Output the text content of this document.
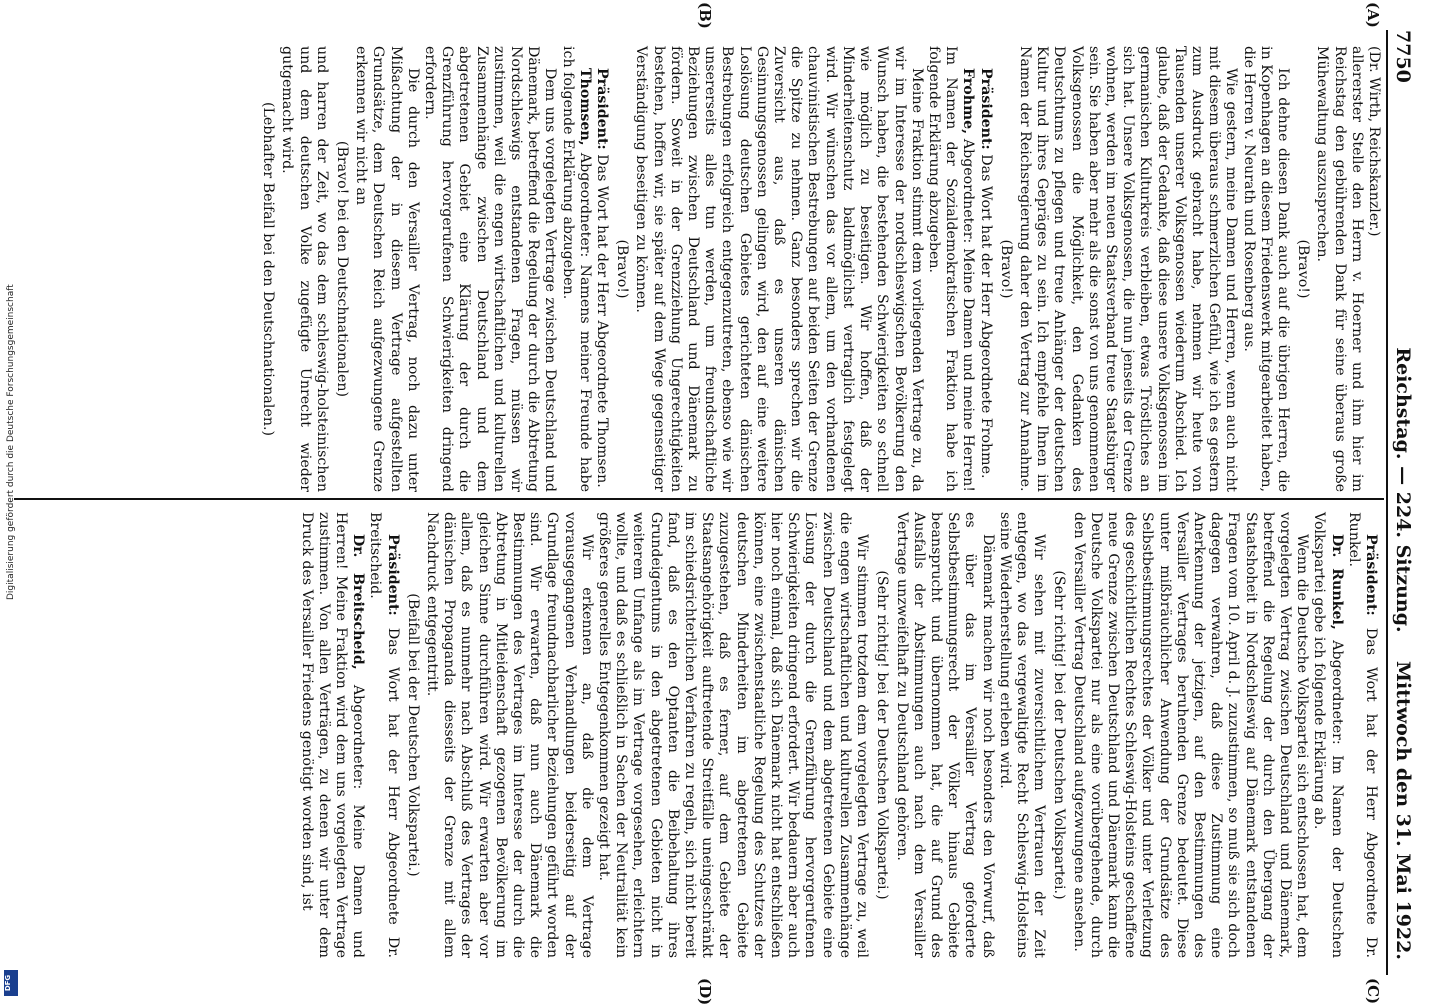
7750
Reichstag. — 224. Sitzung.
Mittwoch den 31. Mai 1922.
(A)
(B)
(C)
(D)

(Dr. Wirth, Reichskanzler.)

allererster Stelle den Herrn v. Hoerner und ihm hier im Reichstag den gebührenden Dank für seine überaus große Mühewaltung auszusprechen.

(Bravo!)

Ich dehne diesen Dank auch auf die übrigen Herren, die in Kopenhagen an diesem Friedenswerk mitgearbeitet haben, die Herren v. Neurath und Rosenberg aus.

Wie gestern, meine Damen und Herren, wenn auch nicht mit diesem überaus schmerzlichen Gefühl, wie ich es gestern zum Ausdruck gebracht habe, nehmen wir heute von Tausenden unserer Volksgenossen wiederum Abschied. Ich glaube, daß der Gedanke, daß diese unsere Volksgenossen im germanischen Kulturkreis verbleiben, etwas Tröstliches an sich hat. Unsere Volksgenossen, die nun jenseits der Grenze wohnen, werden im neuen Staatsverband treue Staatsbürger sein. Sie haben aber mehr als die sonst von uns genommenen Volksgenossen die Möglichkeit, den Gedanken des Deutschtums zu pflegen und treue Anhänger der deutschen Kultur und ihres Gepräges zu sein. Ich empfehle Ihnen im Namen der Reichsregierung daher den Vertrag zur Annahme.

(Bravo!)

Präsident: Das Wort hat der Herr Abgeordnete Frohme.

Frohme, Abgeordneter: Meine Damen und meine Herren! Im Namen der Sozialdemokratischen Fraktion habe ich folgende Erklärung abzugeben.

Meine Fraktion stimmt dem vorliegenden Vertrage zu, da wir im Interesse der nordschleswigschen Bevölkerung den Wunsch haben, die bestehenden Schwierigkeiten so schnell wie möglich zu beseitigen. Wir hoffen, daß der Minderheitenschutz baldmöglichst vertraglich festgelegt wird. Wir wünschen das vor allem, um den vorhandenen chauvinistischen Bestrebungen auf beiden Seiten der Grenze die Spitze zu nehmen. Ganz besonders sprechen wir die Zuversicht aus, daß es unseren dänischen Gesinnungsgenossen gelingen wird, den auf eine weitere Loslösung deutschen Gebietes gerichteten dänischen Bestrebungen erfolgreich entgegenzutreten, ebenso wie wir unsererseits alles tun werden, um freundschaftliche Beziehungen zwischen Deutschland und Dänemark zu fördern. Soweit in der Grenzziehung Ungerechtigkeiten bestehen, hoffen wir, sie später auf dem Wege gegenseitiger Verständigung beseitigen zu können.

(Bravo!)

Präsident: Das Wort hat der Herr Abgeordnete Thomsen.

Thomsen, Abgeordneter: Namens meiner Freunde habe ich folgende Erklärung abzugeben.

Dem uns vorgelegten Vertrage zwischen Deutschland und Dänemark, betreffend die Regelung der durch die Abtretung Nordschleswigs entstandenen Fragen, müssen wir zustimmen, weil die engen wirtschaftlichen und kulturellen Zusammenhänge zwischen Deutschland und dem abgetretenen Gebiet eine Klärung der durch die Grenzführung hervorgerufenen Schwierigkeiten dringend erfordern.

Die durch den Versailler Vertrag, noch dazu unter Mißachtung der in diesem Vertrage aufgestellten Grundsätze, dem Deutschen Reich aufgezwungene Grenze erkennen wir nicht an

(Bravo! bei den Deutschnationalen)

und harren der Zeit, wo das dem schleswig-holsteinischen und dem deutschen Volke zugefügte Unrecht wieder gutgemacht wird.

(Lebhafter Beifall bei den Deutschnationalen.)

Präsident: Das Wort hat der Herr Abgeordnete Dr. Runkel.

Dr. Runkel, Abgeordneter: Im Namen der Deutschen Volkspartei gebe ich folgende Erklärung ab.

Wenn die Deutsche Volkspartei sich entschlossen hat, dem vorgelegten Vertrag zwischen Deutschland und Dänemark, betreffend die Regelung der durch den Übergang der Staatshoheit in Nordschleswig auf Dänemark entstandenen Fragen vom 10. April d. J. zuzustimmen, so muß sie sich doch dagegen verwahren, daß diese Zustimmung eine Anerkennung der jetzigen, auf den Bestimmungen des Versailler Vertrages beruhenden Grenze bedeutet. Diese unter mißbräuchlicher Anwendung der Grundsätze des Selbstbestimmungsrechtes der Völker und unter Verletzung des geschichtlichen Rechtes Schleswig-Holsteins geschaffene neue Grenze zwischen Deutschland und Dänemark kann die Deutsche Volkspartei nur als eine vorübergehende, durch den Versailler Vertrag Deutschland aufgezwungene ansehen.

(Sehr richtig! bei der Deutschen Volkspartei.)

Wir sehen mit zuversichtlichem Vertrauen der Zeit entgegen, wo das vergewaltigte Recht Schleswig-Holsteins seine Wiederherstellung erleben wird.

Dänemark machen wir noch besonders den Vorwurf, daß es über das im Versailler Vertrag geforderte Selbstbestimmungsrecht der Völker hinaus Gebiete beansprucht und übernommen hat, die auf Grund des Ausfalls der Abstimmungen auch nach dem Versailler Vertrage unzweifelhaft zu Deutschland gehören.

(Sehr richtig! bei der Deutschen Volkspartei.)

Wir stimmen trotzdem dem vorgelegten Vertrage zu, weil die engen wirtschaftlichen und kulturellen Zusammenhänge zwischen Deutschland und dem abgetretenen Gebiete eine Lösung der durch die Grenzführung hervorgerufenen Schwierigkeiten dringend erfordert. Wir bedauern aber auch hier noch einmal, daß sich Dänemark nicht hat entschließen können, eine zwischenstaatliche Regelung des Schutzes der deutschen Minderheiten im abgetretenen Gebiete zuzugestehen, daß es ferner, auf dem Gebiete der Staatsangehörigkeit auftretende Streitfälle uneingeschränkt im schiedsrichterlichen Verfahren zu regeln, sich nicht bereit fand, daß es den Optanten die Beibehaltung ihres Grundeigentums in den abgetretenen Gebieten nicht in weiterem Umfange als im Vertrage vorgesehen, erleichtern wollte, und daß es schließlich in Sachen der Neutralität kein größeres generelles Entgegenkommen gezeigt hat.

Wir erkennen an, daß die dem Vertrage vorausgegangenen Verhandlungen beiderseitig auf der Grundlage freundnachbarlicher Beziehungen geführt worden sind. Wir erwarten, daß nun auch Dänemark die Bestimmungen des Vertrages im Interesse der durch die Abtretung in Mitleidenschaft gezogenen Bevölkerung im gleichen Sinne durchführen wird. Wir erwarten aber vor allem, daß es nunmehr nach Abschluß des Vertrages der dänischen Propaganda diesseits der Grenze mit allem Nachdruck entgegentritt.

(Beifall bei der Deutschen Volkspartei.)

Präsident: Das Wort hat der Herr Abgeordnete Dr. Breitscheid.

Dr. Breitscheid, Abgeordneter: Meine Damen und Herren! Meine Fraktion wird dem uns vorgelegten Vertrage zustimmen. Von allen Verträgen, zu denen wir unter dem Druck des Versailler Friedens genötigt worden sind, ist

Digitalisierung gefördert durch die Deutsche Forschungsgemeinschaft
DFG
